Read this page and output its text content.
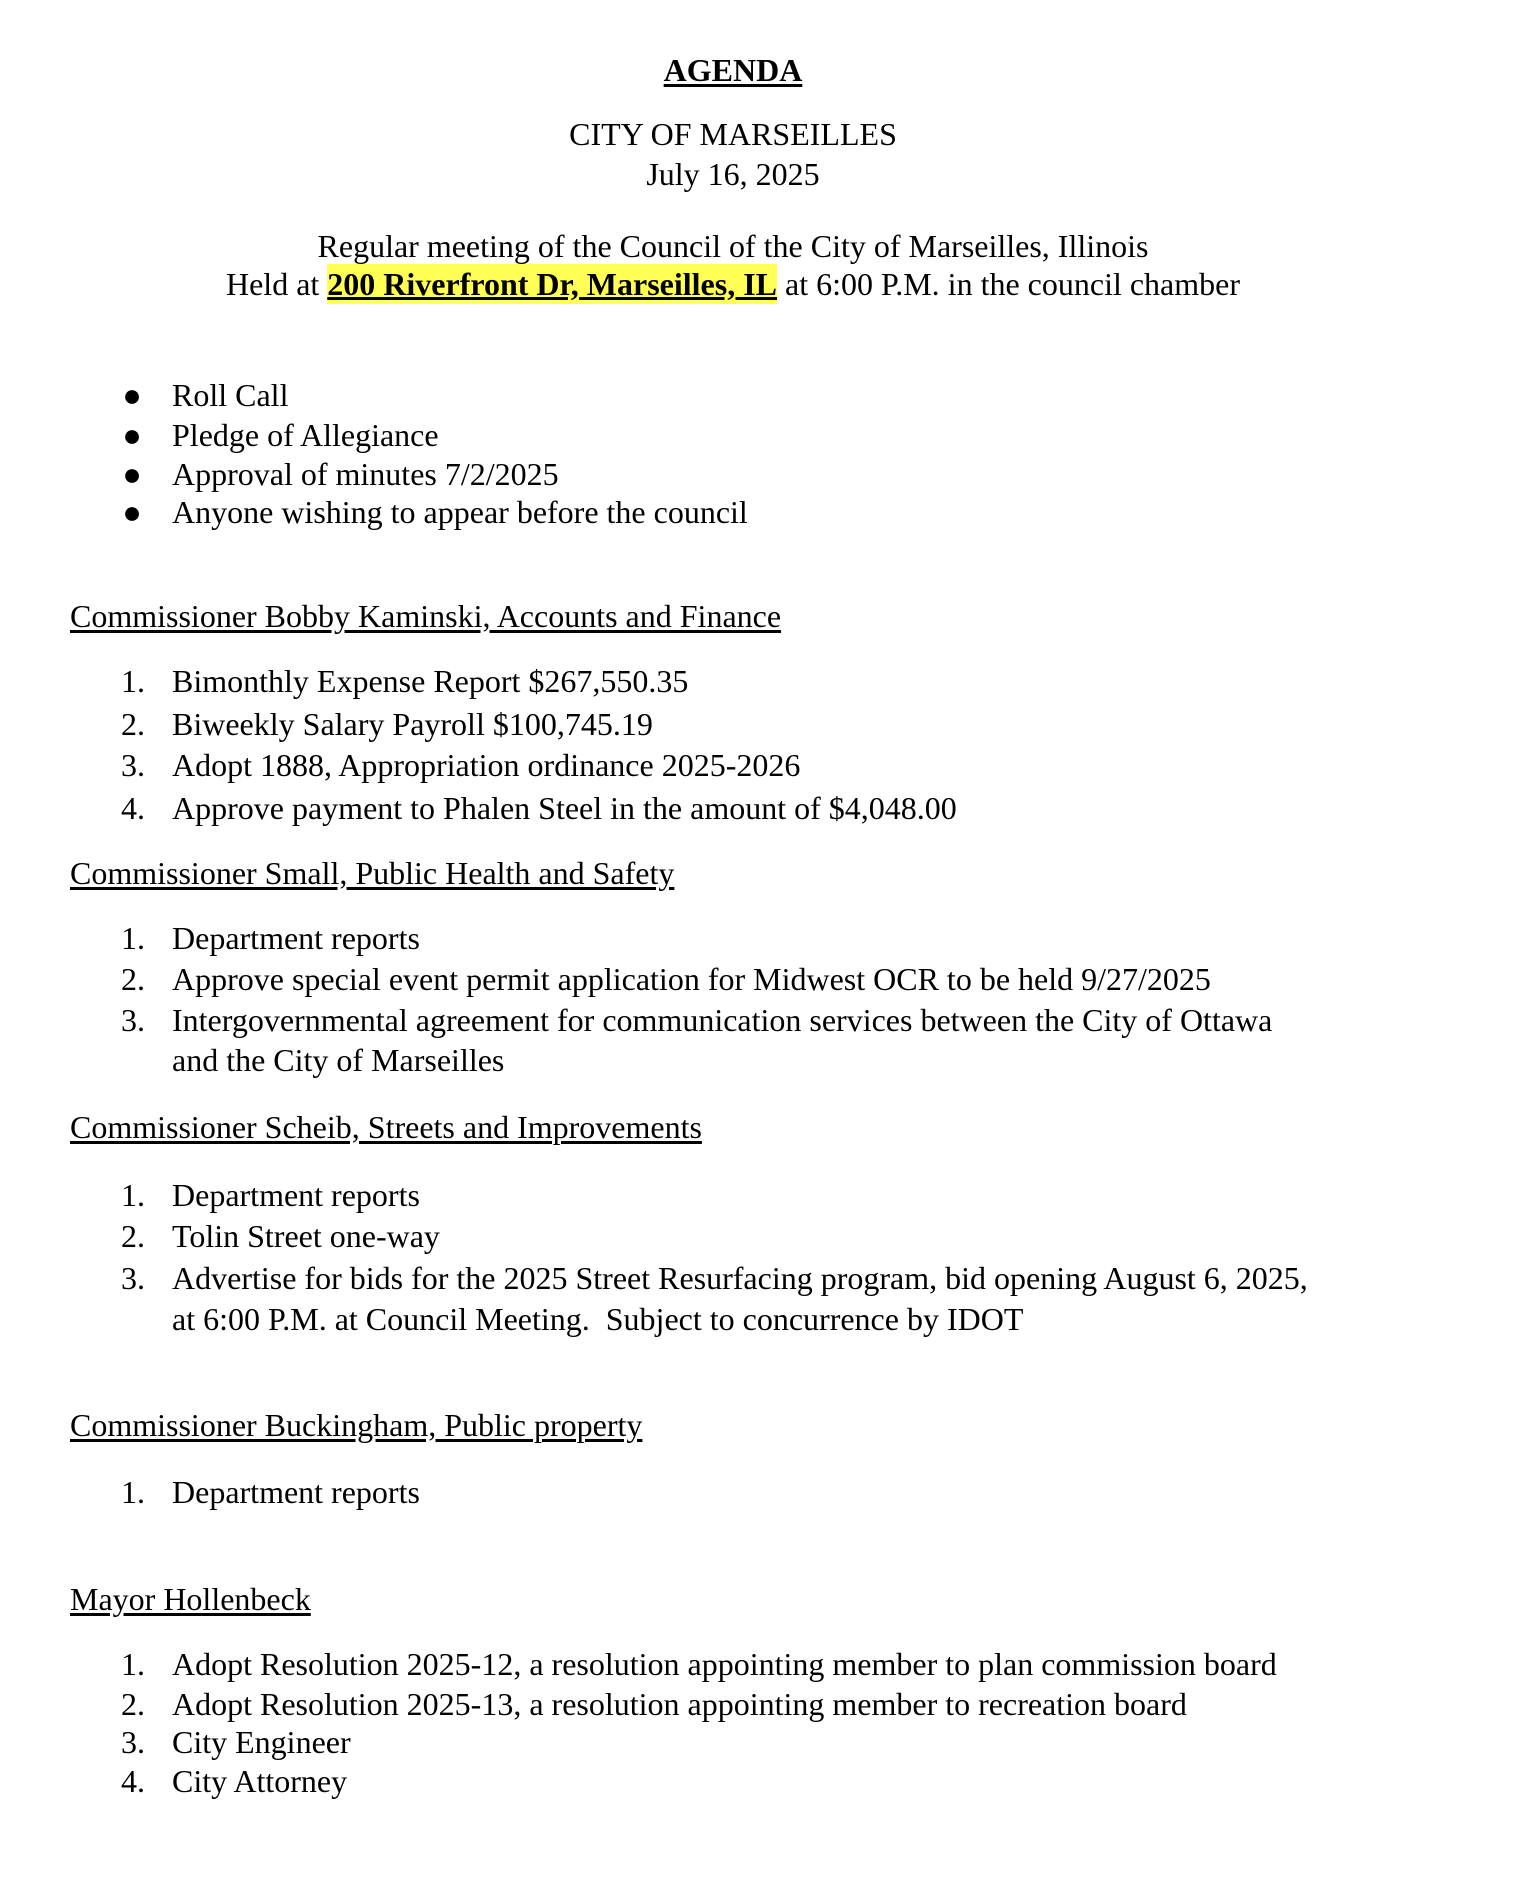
AGENDA
CITY OF MARSEILLES
July 16, 2025
Regular meeting of the Council of the City of Marseilles, Illinois
Held at 200 Riverfront Dr, Marseilles, IL at 6:00 P.M. in the council chamber
● Roll Call
● Pledge of Allegiance
● Approval of minutes 7/2/2025
● Anyone wishing to appear before the council
Commissioner Bobby Kaminski, Accounts and Finance
1. Bimonthly Expense Report $267,550.35
2. Biweekly Salary Payroll $100,745.19
3. Adopt 1888, Appropriation ordinance 2025-2026
4. Approve payment to Phalen Steel in the amount of $4,048.00
Commissioner Small, Public Health and Safety
1. Department reports
2. Approve special event permit application for Midwest OCR to be held 9/27/2025
3. Intergovernmental agreement for communication services between the City of Ottawa
and the City of Marseilles
Commissioner Scheib, Streets and Improvements
1. Department reports
2. Tolin Street one-way
3. Advertise for bids for the 2025 Street Resurfacing program, bid opening August 6, 2025,
at 6:00 P.M. at Council Meeting.  Subject to concurrence by IDOT
Commissioner Buckingham, Public property
1. Department reports
Mayor Hollenbeck
1. Adopt Resolution 2025-12, a resolution appointing member to plan commission board
2. Adopt Resolution 2025-13, a resolution appointing member to recreation board
3. City Engineer
4. City Attorney
